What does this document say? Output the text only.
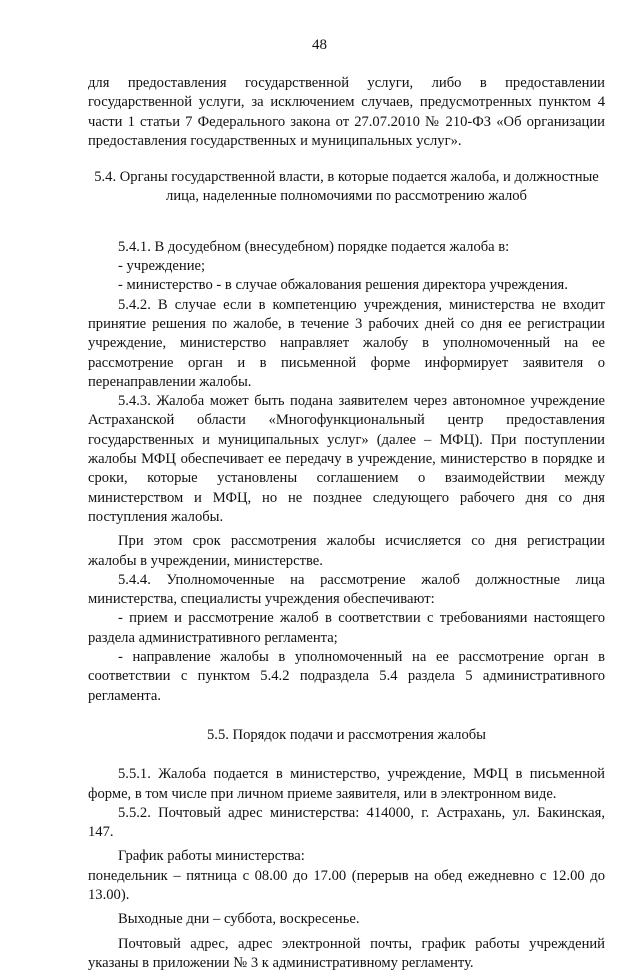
48

для предоставления государственной услуги, либо в предоставлении государственной услуги, за исключением случаев, предусмотренных пунктом 4 части 1 статьи 7 Федерального закона от 27.07.2010 № 210-ФЗ «Об организации предоставления государственных и муниципальных услуг».

5.4. Органы государственной власти, в которые подается жалоба, и должностные лица, наделенные полномочиями по рассмотрению жалоб

5.4.1. В досудебном (внесудебном) порядке подается жалоба в:

- учреждение;

- министерство - в случае обжалования решения директора учреждения.

5.4.2. В случае если в компетенцию учреждения, министерства не входит принятие решения по жалобе, в течение 3 рабочих дней со дня ее регистрации учреждение, министерство направляет жалобу в уполномоченный на ее рассмотрение орган и в письменной форме информирует заявителя о перенаправлении жалобы.

5.4.3. Жалоба может быть подана заявителем через автономное учреждение Астраханской области «Многофункциональный центр предоставления государственных и муниципальных услуг» (далее – МФЦ). При поступлении жалобы МФЦ обеспечивает ее передачу в учреждение, министерство в порядке и сроки, которые установлены соглашением о взаимодействии между министерством и МФЦ, но не позднее следующего рабочего дня со дня поступления жалобы.

При этом срок рассмотрения жалобы исчисляется со дня регистрации жалобы в учреждении, министерстве.

5.4.4. Уполномоченные на рассмотрение жалоб должностные лица министерства, специалисты учреждения обеспечивают:

- прием и рассмотрение жалоб в соответствии с требованиями настоящего раздела административного регламента;

- направление жалобы в уполномоченный на ее рассмотрение орган в соответствии с пунктом 5.4.2 подраздела 5.4 раздела 5 административного регламента.

5.5. Порядок подачи и рассмотрения жалобы

5.5.1. Жалоба подается в министерство, учреждение, МФЦ в письменной форме, в том числе при личном приеме заявителя, или в электронном виде.

5.5.2. Почтовый адрес министерства: 414000, г. Астрахань, ул. Бакинская, 147.

График работы министерства:

понедельник – пятница с 08.00 до 17.00 (перерыв на обед ежедневно с 12.00 до 13.00).

Выходные дни – суббота, воскресенье.

Почтовый адрес, адрес электронной почты, график работы учреждений указаны в приложении № 3 к административному регламенту.
